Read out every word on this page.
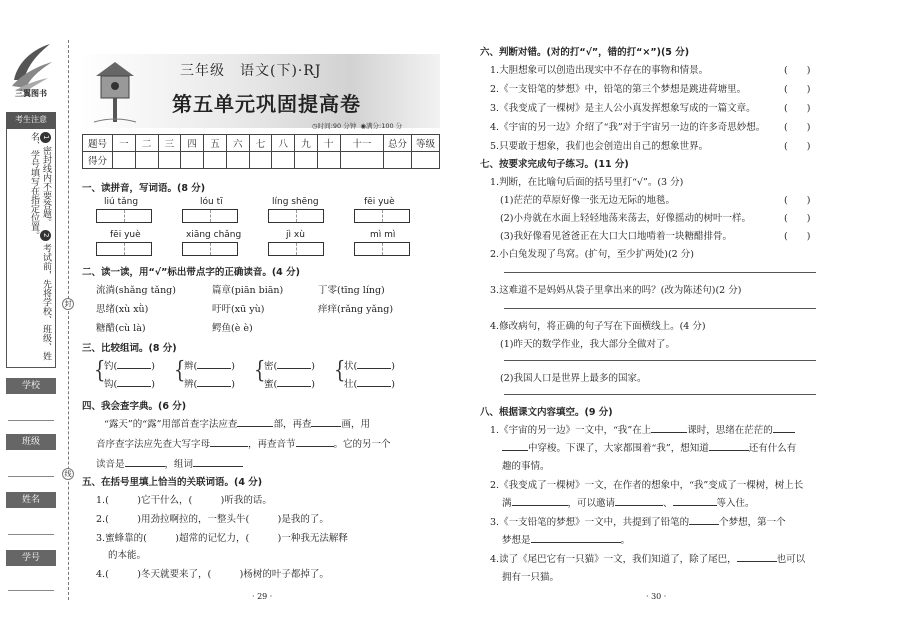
三翼图书
考生注意
1 密封线内不要答题。 2 考试前，先将学校、班级、姓名、学号填写在指定位置。
学校
班级
姓名
学号
封
线
三年级　语文(下)·RJ
第五单元巩固提高卷
◷时间:90 分钟 ◉满分:100 分
题号	一	二	三	四	五	六	七	八	九	十	十一	总分	等级
得分													
一、读拼音，写词语。(8 分)
liú tǎng	lóu tī	líng shēng	fēi yuè
fēi yuè	xiāng chǎng	jì xù	mì mì
二、读一读，用“√”标出带点字的正确读音。(4 分)
流淌(shǎng tǎng)	篇章(piān biān)	丁零(tīng líng)
思绪(xù xǜ)	吁吁(xū yù)	痒痒(rǎng yǎng)
糖醋(cù là)	鳄鱼(è è)
三、比较组词。(8 分)
{
钓(	)
钩(	)
{
辫(	)
辨(	)
{
密(	)
蜜(	)
{
状(	)
壮(	)
四、我会查字典。(6 分)
“露天”的“露”用部首查字法应查	部，再查	画，用
音序查字法应先查大写字母	，再查音节	。它的另一个
读音是	，组词
五、在括号里填上恰当的关联词语。(4 分)
1.(　　　)它干什么，(　　　)听我的话。
2.(　　　)用劲拉啊拉的，一整头牛(　　　)是我的了。
3.蜜蜂靠的(　　　)超常的记忆力，(　　　)一种我无法解释
的本能。
4.(　　　)冬天就要来了，(　　　)杨树的叶子都掉了。
· 29 ·
六、判断对错。(对的打“√”，错的打“×”)(5 分)
1.大胆想象可以创造出现实中不存在的事物和情景。	(　　)
2.《一支铅笔的梦想》中，铅笔的第三个梦想是跳进荷塘里。	(　　)
3.《我变成了一棵树》是主人公小真发挥想象写成的一篇文章。	(　　)
4.《宇宙的另一边》介绍了“我”对于宇宙另一边的许多奇思妙想。 (　　)
5.只要敢于想象，我们也会创造出自己的想象世界。	(　　)
七、按要求完成句子练习。(11 分)
1.判断，在比喻句后面的括号里打“√”。(3 分)
(1)茫茫的草原好像一张无边无际的地毯。	(　　)
(2)小舟就在水面上轻轻地荡来荡去，好像摇动的树叶一样。	(　　)
(3)我好像看见爸爸正在大口大口地啃着一块糖醋排骨。	(　　)
2.小白兔发现了鸟窝。(扩句，至少扩两处)(2 分)
3.这难道不是妈妈从袋子里拿出来的吗？(改为陈述句)(2 分)
4.修改病句，将正确的句子写在下面横线上。(4 分)
(1)昨天的数学作业，我大部分全做对了。
(2)我国人口是世界上最多的国家。
八、根据课文内容填空。(9 分)
1.《宇宙的另一边》一文中，“我”在上	课时，思绪在茫茫的
中穿梭。下课了，大家都围着“我”，想知道	还有什么有
趣的事情。
2.《我变成了一棵树》一文，在作者的想象中，“我”变成了一棵树，树上长
满	，可以邀请	、	等入住。
3.《一支铅笔的梦想》一文中，共提到了铅笔的	个梦想，第一个
梦想是	。
4.读了《尾巴它有一只猫》一文，我们知道了，除了尾巴，	也可以
拥有一只猫。
· 30 ·
